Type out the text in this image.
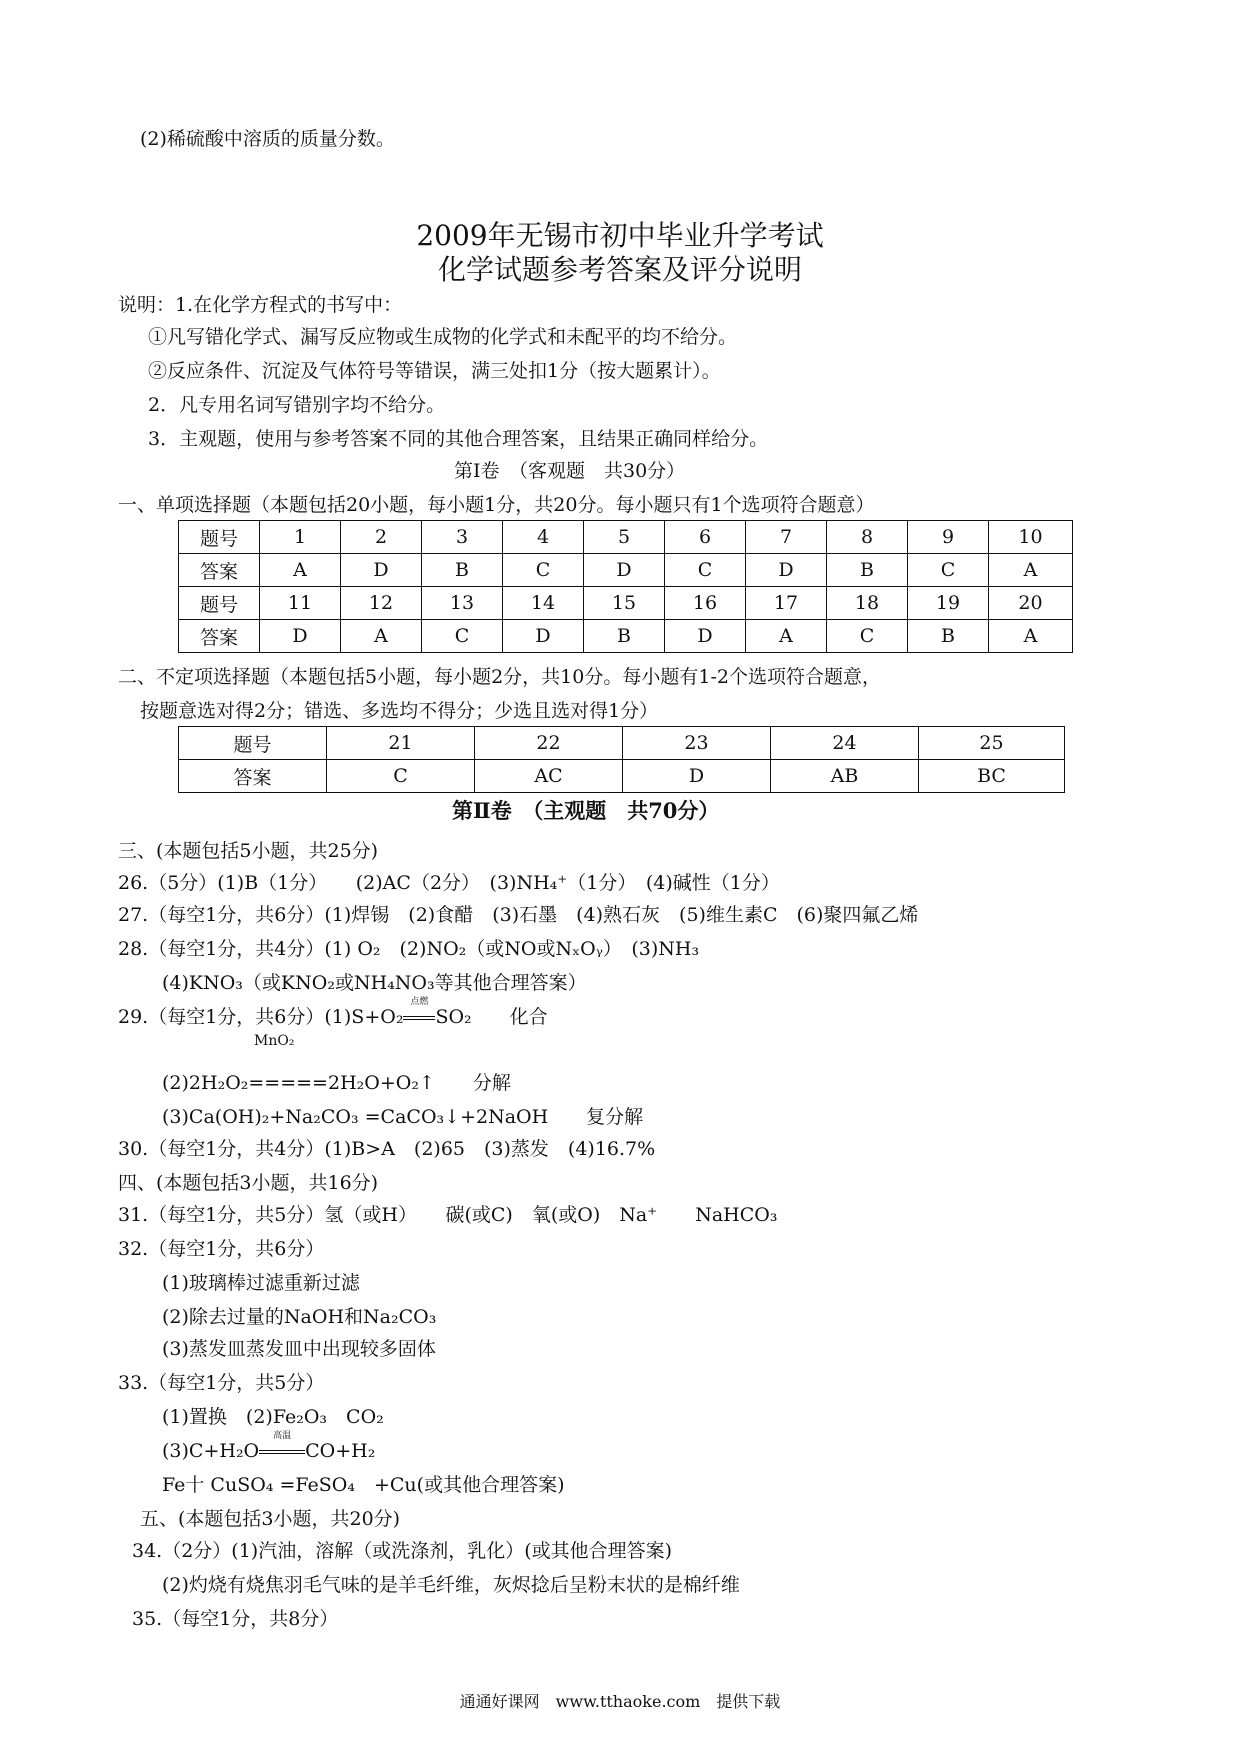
(2)稀硫酸中溶质的质量分数。
2009年无锡市初中毕业升学考试
化学试题参考答案及评分说明
说明：1.在化学方程式的书写中：
①凡写错化学式、漏写反应物或生成物的化学式和未配平的均不给分。
②反应条件、沉淀及气体符号等错误，满三处扣1分（按大题累计）。
2．凡专用名词写错别字均不给分。
3．主观题，使用与参考答案不同的其他合理答案，且结果正确同样给分。
第Ⅰ卷　（客观题　共30分）
一、单项选择题（本题包括20小题，每小题1分，共20分。每小题只有1个选项符合题意）
题号	1	2	3	4	5	6	7	8	9	10
答案	A	D	B	C	D	C	D	B	C	A
题号	11	12	13	14	15	16	17	18	19	20
答案	D	A	C	D	B	D	A	C	B	A
二、不定项选择题（本题包括5小题，每小题2分，共10分。每小题有1-2个选项符合题意，
按题意选对得2分；错选、多选均不得分；少选且选对得1分）
题号	21	22	23	24	25
答案	C	AC	D	AB	BC
第Ⅱ卷　（主观题　共70分）
三、(本题包括5小题，共25分)
26.（5分）(1)B（1分）　　(2)AC（2分）　(3)NH₄⁺（1分）　(4)碱性（1分）
27.（每空1分，共6分）(1)焊锡　(2)食醋　(3)石墨　(4)熟石灰　(5)维生素C　(6)聚四氟乙烯
28.（每空1分，共4分）(1) O₂　(2)NO₂（或NO或NₓOᵧ）　(3)NH₃
(4)KNO₃（或KNO₂或NH₄NO₃等其他合理答案）
29.（每空1分，共6分）(1)S+O₂
点燃
SO₂　　化合
MnO₂
(2)2H₂O₂=====2H₂O+O₂↑　　分解
(3)Ca(OH)₂+Na₂CO₃ =CaCO₃↓+2NaOH　　复分解
30.（每空1分，共4分）(1)B>A　(2)65　(3)蒸发　(4)16.7%
四、(本题包括3小题，共16分)
31.（每空1分，共5分）氢（或H）　　碳(或C)　氧(或O)　Na⁺　　NaHCO₃
32.（每空1分，共6分）
(1)玻璃棒过滤重新过滤
(2)除去过量的NaOH和Na₂CO₃
(3)蒸发皿蒸发皿中出现较多固体
33.（每空1分，共5分）
(1)置换　(2)Fe₂O₃　CO₂
(3)C+H₂O
高温
CO+H₂
Fe十 CuSO₄ =FeSO₄　+Cu(或其他合理答案)
五、(本题包括3小题，共20分)
34.（2分）(1)汽油，溶解（或洗涤剂，乳化）(或其他合理答案)
(2)灼烧有烧焦羽毛气味的是羊毛纤维，灰烬捻后呈粉末状的是棉纤维
35.（每空1分，共8分）
通通好课网　www.tthaoke.com　提供下载
